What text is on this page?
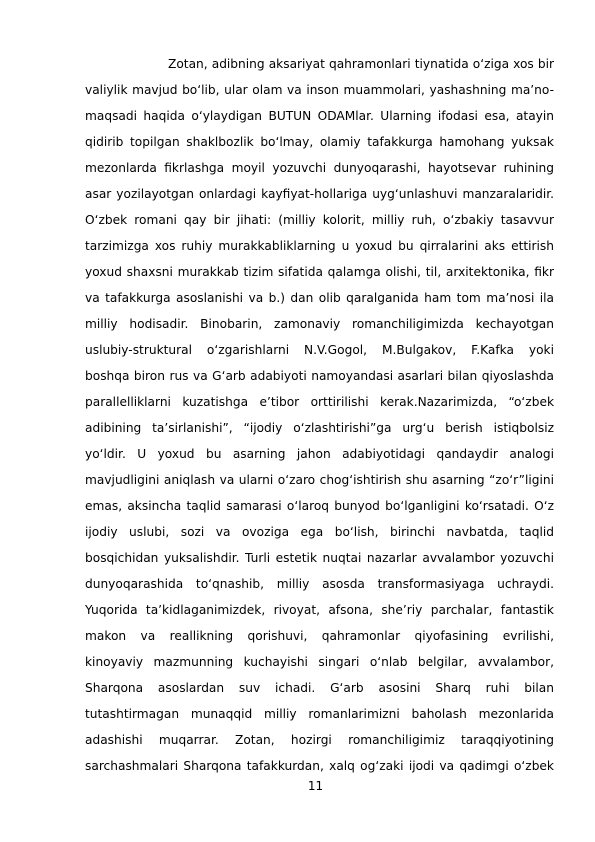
Zotan, adibning aksariyat qahramonlari tiynatida o‘ziga xos bir
valiylik mavjud bo‘lib, ular olam va inson muammolari, yashashning ma’no-
maqsadi haqida o‘ylaydigan BUTUN ODAMlar. Ularning ifodasi esa, atayin
qidirib topilgan shaklbozlik bo‘lmay, olamiy tafakkurga hamohang yuksak
mezonlarda fikrlashga moyil yozuvchi dunyoqarashi, hayotsevar ruhining
asar yozilayotgan onlardagi kayfiyat-hollariga uyg‘unlashuvi manzaralaridir.
O‘zbek romani qay bir jihati: (milliy kolorit, milliy ruh, o‘zbakiy tasavvur
tarzimizga xos ruhiy murakkabliklarning u yoxud bu qirralarini aks ettirish
yoxud shaxsni murakkab tizim sifatida qalamga olishi, til, arxitektonika, fikr
va tafakkurga asoslanishi va b.) dan olib qaralganida ham tom ma’nosi ila
milliy hodisadir. Binobarin, zamonaviy romanchiligimizda kechayotgan
uslubiy-struktural o‘zgarishlarni N.V.Gogol, M.Bulgakov, F.Kafka yoki
boshqa biron rus va G‘arb adabiyoti namoyandasi asarlari bilan qiyoslashda
parallelliklarni kuzatishga e’tibor orttirilishi kerak.Nazarimizda, “o‘zbek
adibining ta’sirlanishi”, “ijodiy o‘zlashtirishi”ga urg‘u berish istiqbolsiz
yo‘ldir. U yoxud bu asarning jahon adabiyotidagi qandaydir analogi
mavjudligini aniqlash va ularni o‘zaro chog‘ishtirish shu asarning “zo‘r”ligini
emas, aksincha taqlid samarasi o‘laroq bunyod bo‘lganligini ko‘rsatadi. O‘z
ijodiy uslubi, sozi va ovoziga ega bo‘lish, birinchi navbatda, taqlid
bosqichidan yuksalishdir. Turli estetik nuqtai nazarlar avvalambor yozuvchi
dunyoqarashida to‘qnashib, milliy asosda transformasiyaga uchraydi.
Yuqorida ta’kidlaganimizdek, rivoyat, afsona, she’riy parchalar, fantastik
makon va reallikning qorishuvi, qahramonlar qiyofasining evrilishi,
kinoyaviy mazmunning kuchayishi singari o‘nlab belgilar, avvalambor,
Sharqona asoslardan suv ichadi. G‘arb asosini Sharq ruhi bilan
tutashtirmagan munaqqid milliy romanlarimizni baholash mezonlarida
adashishi muqarrar. Zotan, hozirgi romanchiligimiz taraqqiyotining
sarchashmalari Sharqona tafakkurdan, xalq og‘zaki ijodi va qadimgi o‘zbek
11
